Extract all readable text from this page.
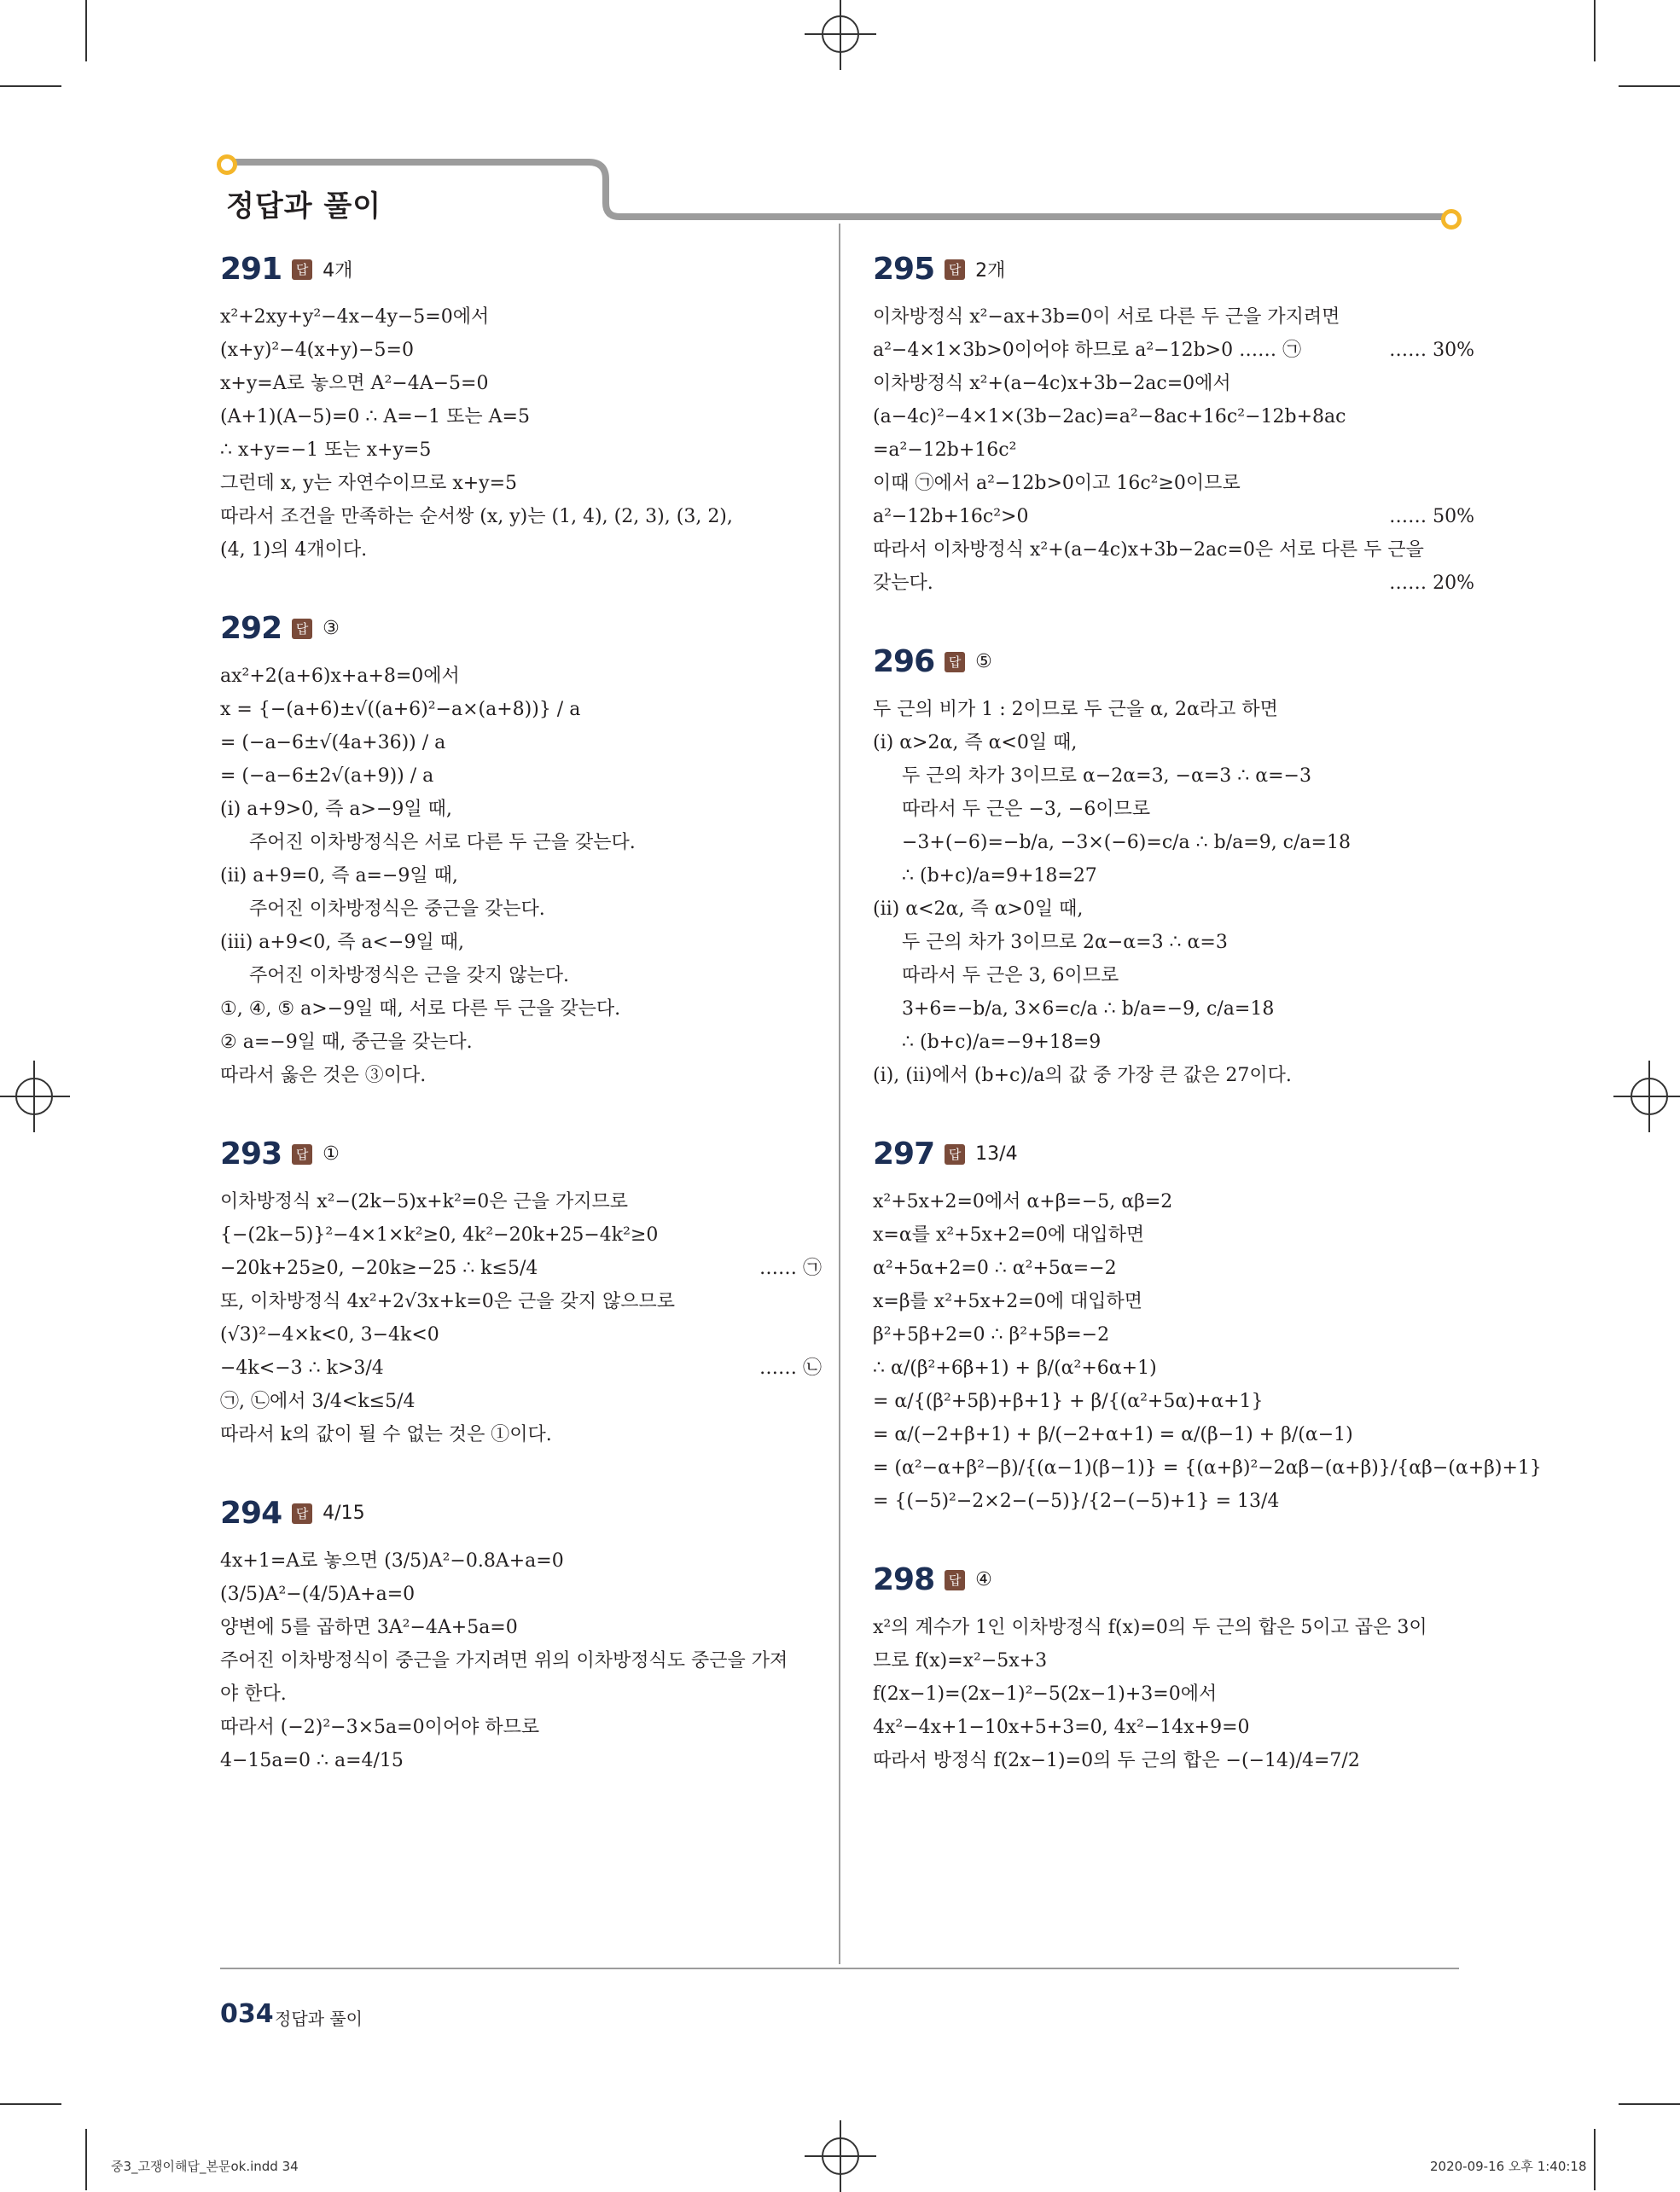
정답과 풀이
291	답 4개
x²+2xy+y²−4x−4y−5=0에서
(x+y)²−4(x+y)−5=0
x+y=A로 놓으면 A²−4A−5=0
(A+1)(A−5)=0 ∴ A=−1 또는 A=5
∴ x+y=−1 또는 x+y=5
그런데 x, y는 자연수이므로 x+y=5
따라서 조건을 만족하는 순서쌍 (x, y)는 (1, 4), (2, 3), (3, 2),
(4, 1)의 4개이다.
292	답 ③
ax²+2(a+6)x+a+8=0에서
x = {−(a+6)±√((a+6)²−a×(a+8))} / a
= (−a−6±√(4a+36)) / a
= (−a−6±2√(a+9)) / a
(ⅰ) a+9>0, 즉 a>−9일 때,
주어진 이차방정식은 서로 다른 두 근을 갖는다.
(ⅱ) a+9=0, 즉 a=−9일 때,
주어진 이차방정식은 중근을 갖는다.
(ⅲ) a+9<0, 즉 a<−9일 때,
주어진 이차방정식은 근을 갖지 않는다.
①, ④, ⑤ a>−9일 때, 서로 다른 두 근을 갖는다.
② a=−9일 때, 중근을 갖는다.
따라서 옳은 것은 ③이다.
293	답 ①
이차방정식 x²−(2k−5)x+k²=0은 근을 가지므로
{−(2k−5)}²−4×1×k²≥0, 4k²−20k+25−4k²≥0
−20k+25≥0, −20k≥−25 ∴ k≤5/4	…… ㉠
또, 이차방정식 4x²+2√3x+k=0은 근을 갖지 않으므로
(√3)²−4×k<0, 3−4k<0
−4k<−3 ∴ k>3/4	…… ㉡
㉠, ㉡에서 3/4<k≤5/4
따라서 k의 값이 될 수 없는 것은 ①이다.
294	답 4/15
4x+1=A로 놓으면 (3/5)A²−0.8A+a=0
(3/5)A²−(4/5)A+a=0
양변에 5를 곱하면 3A²−4A+5a=0
주어진 이차방정식이 중근을 가지려면 위의 이차방정식도 중근을 가져
야 한다.
따라서 (−2)²−3×5a=0이어야 하므로
4−15a=0 ∴ a=4/15
295	답 2개
이차방정식 x²−ax+3b=0이 서로 다른 두 근을 가지려면
a²−4×1×3b>0이어야 하므로 a²−12b>0 …… ㉠	…… 30%
이차방정식 x²+(a−4c)x+3b−2ac=0에서
(a−4c)²−4×1×(3b−2ac)=a²−8ac+16c²−12b+8ac
=a²−12b+16c²
이때 ㉠에서 a²−12b>0이고 16c²≥0이므로
a²−12b+16c²>0	…… 50%
따라서 이차방정식 x²+(a−4c)x+3b−2ac=0은 서로 다른 두 근을
갖는다.	…… 20%
296	답 ⑤
두 근의 비가 1 : 2이므로 두 근을 α, 2α라고 하면
(ⅰ) α>2α, 즉 α<0일 때,
두 근의 차가 3이므로 α−2α=3, −α=3 ∴ α=−3
따라서 두 근은 −3, −6이므로
−3+(−6)=−b/a, −3×(−6)=c/a ∴ b/a=9, c/a=18
∴ (b+c)/a=9+18=27
(ⅱ) α<2α, 즉 α>0일 때,
두 근의 차가 3이므로 2α−α=3 ∴ α=3
따라서 두 근은 3, 6이므로
3+6=−b/a, 3×6=c/a ∴ b/a=−9, c/a=18
∴ (b+c)/a=−9+18=9
(ⅰ), (ⅱ)에서 (b+c)/a의 값 중 가장 큰 값은 27이다.
297	답 13/4
x²+5x+2=0에서 α+β=−5, αβ=2
x=α를 x²+5x+2=0에 대입하면
α²+5α+2=0 ∴ α²+5α=−2
x=β를 x²+5x+2=0에 대입하면
β²+5β+2=0 ∴ β²+5β=−2
∴ α/(β²+6β+1) + β/(α²+6α+1)
= α/{(β²+5β)+β+1} + β/{(α²+5α)+α+1}
= α/(−2+β+1) + β/(−2+α+1) = α/(β−1) + β/(α−1)
= (α²−α+β²−β)/{(α−1)(β−1)} = {(α+β)²−2αβ−(α+β)}/{αβ−(α+β)+1}
= {(−5)²−2×2−(−5)}/{2−(−5)+1} = 13/4
298	답 ④
x²의 계수가 1인 이차방정식 f(x)=0의 두 근의 합은 5이고 곱은 3이
므로 f(x)=x²−5x+3
f(2x−1)=(2x−1)²−5(2x−1)+3=0에서
4x²−4x+1−10x+5+3=0, 4x²−14x+9=0
따라서 방정식 f(2x−1)=0의 두 근의 합은 −(−14)/4=7/2
034 정답과 풀이
중3_고쟁이해답_본문ok.indd 34	2020-09-16 오후 1:40:18
